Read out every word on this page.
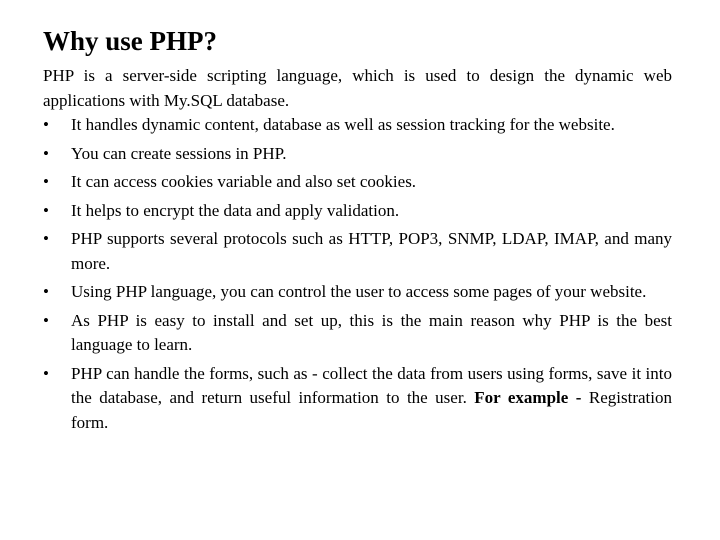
Why use PHP?

PHP is a server-side scripting language, which is used to design the dynamic web applications with My.SQL database.

•	It handles dynamic content, database as well as session tracking for the website.
•	You can create sessions in PHP.
•	It can access cookies variable and also set cookies.
•	It helps to encrypt the data and apply validation.
•	PHP supports several protocols such as HTTP, POP3, SNMP, LDAP, IMAP, and many more.
•	Using PHP language, you can control the user to access some pages of your website.
•	As PHP is easy to install and set up, this is the main reason why PHP is the best language to learn.
•	PHP can handle the forms, such as - collect the data from users using forms, save it into the database, and return useful information to the user. For example - Registration form.
